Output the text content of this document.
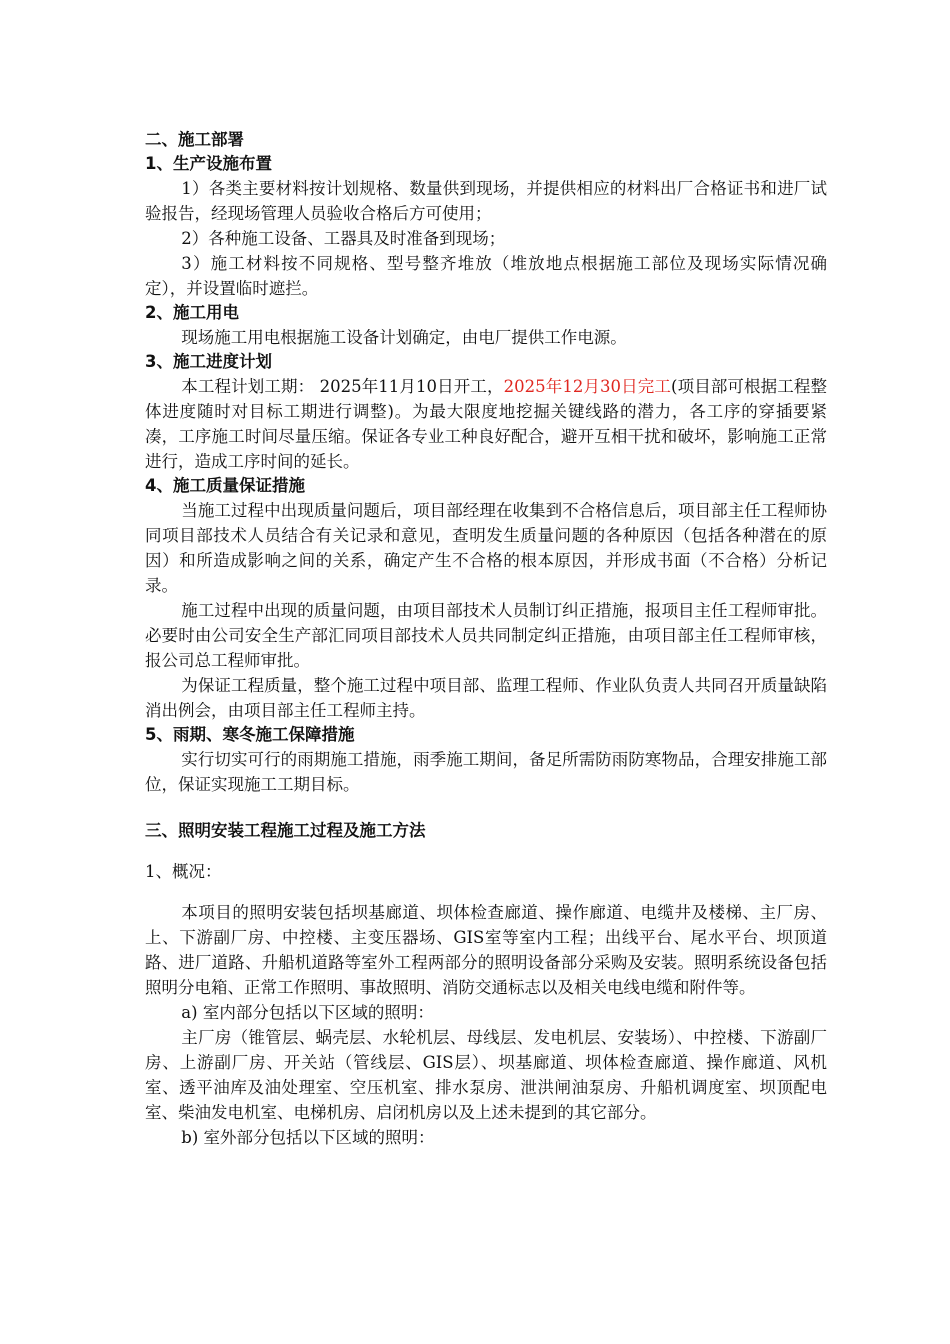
二、施工部署

1、生产设施布置

1）各类主要材料按计划规格、数量供到现场，并提供相应的材料出厂合格证书和进厂试验报告，经现场管理人员验收合格后方可使用；

2）各种施工设备、工器具及时准备到现场；

3）施工材料按不同规格、型号整齐堆放（堆放地点根据施工部位及现场实际情况确定），并设置临时遮拦。

2、施工用电

现场施工用电根据施工设备计划确定，由电厂提供工作电源。

3、施工进度计划

本工程计划工期： 2025年11月10日开工，2025年12月30日完工(项目部可根据工程整体进度随时对目标工期进行调整)。为最大限度地挖掘关键线路的潜力，各工序的穿插要紧凑，工序施工时间尽量压缩。保证各专业工种良好配合，避开互相干扰和破坏，影响施工正常进行，造成工序时间的延长。

4、施工质量保证措施

当施工过程中出现质量问题后，项目部经理在收集到不合格信息后，项目部主任工程师协同项目部技术人员结合有关记录和意见，查明发生质量问题的各种原因（包括各种潜在的原因）和所造成影响之间的关系，确定产生不合格的根本原因，并形成书面（不合格）分析记录。

施工过程中出现的质量问题，由项目部技术人员制订纠正措施，报项目主任工程师审批。必要时由公司安全生产部汇同项目部技术人员共同制定纠正措施，由项目部主任工程师审核，报公司总工程师审批。

为保证工程质量，整个施工过程中项目部、监理工程师、作业队负责人共同召开质量缺陷消出例会，由项目部主任工程师主持。

5、雨期、寒冬施工保障措施

实行切实可行的雨期施工措施，雨季施工期间，备足所需防雨防寒物品，合理安排施工部位，保证实现施工工期目标。

三、照明安装工程施工过程及施工方法

1、概况：

本项目的照明安装包括坝基廊道、坝体检查廊道、操作廊道、电缆井及楼梯、主厂房、上、下游副厂房、中控楼、主变压器场、GIS室等室内工程；出线平台、尾水平台、坝顶道路、进厂道路、升船机道路等室外工程两部分的照明设备部分采购及安装。照明系统设备包括照明分电箱、正常工作照明、事故照明、消防交通标志以及相关电线电缆和附件等。

a) 室内部分包括以下区域的照明：

主厂房（锥管层、蜗壳层、水轮机层、母线层、发电机层、安装场）、中控楼、下游副厂房、上游副厂房、开关站（管线层、GIS层）、坝基廊道、坝体检查廊道、操作廊道、风机室、透平油库及油处理室、空压机室、排水泵房、泄洪闸油泵房、升船机调度室、坝顶配电室、柴油发电机室、电梯机房、启闭机房以及上述未提到的其它部分。

b) 室外部分包括以下区域的照明：
